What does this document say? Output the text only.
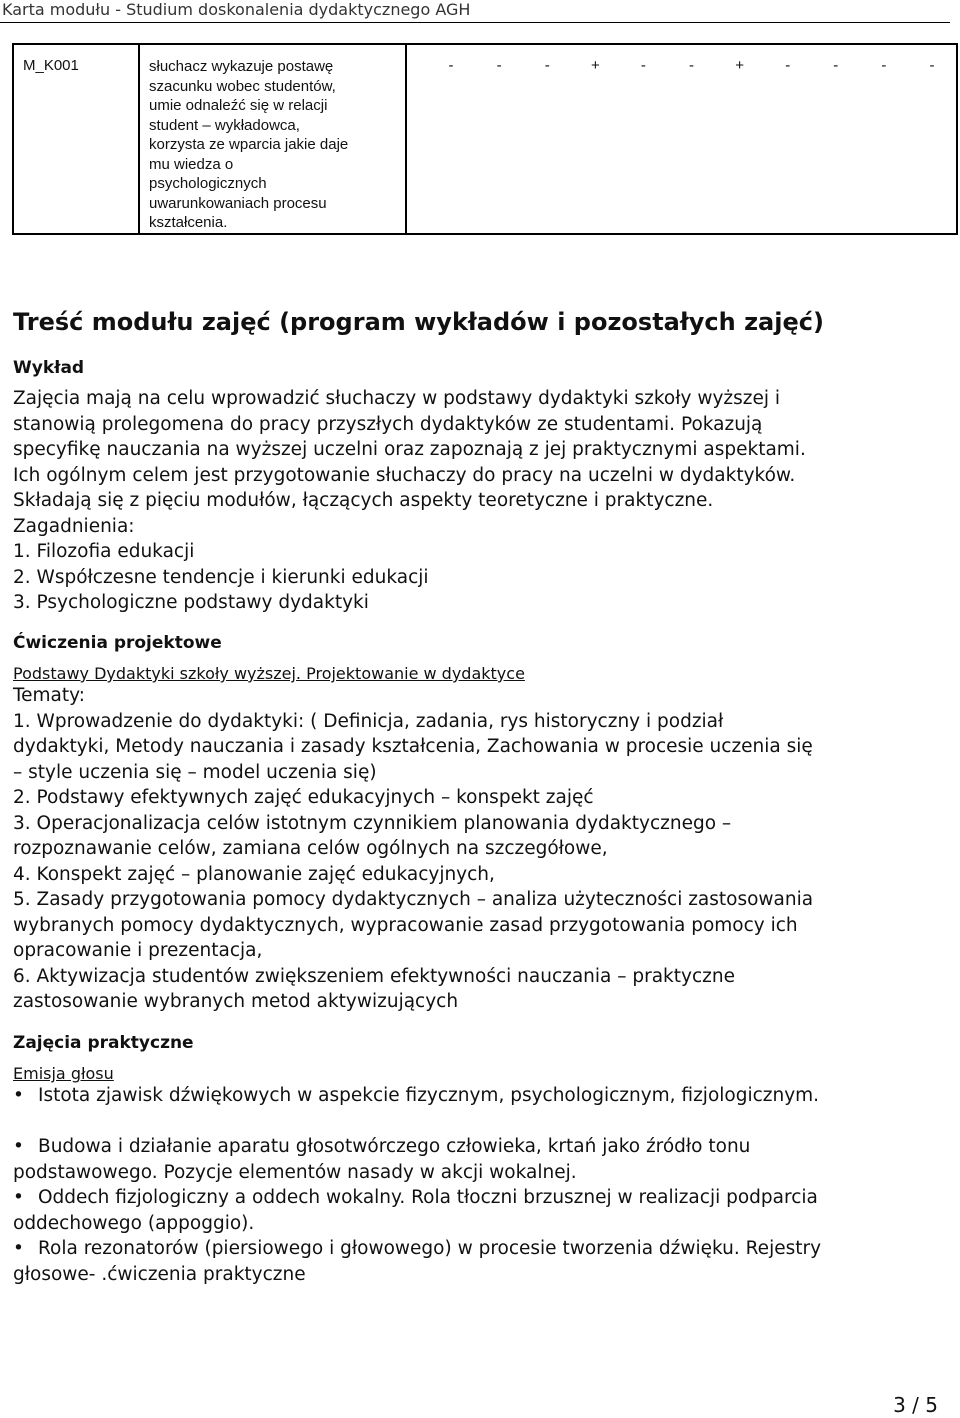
Karta modułu - Studium doskonalenia dydaktycznego AGH
M_K001	słuchacz wykazuje postawę
szacunku wobec studentów,
umie odnaleźć się w relacji
student – wykładowca,
korzysta ze wparcia jakie daje
mu wiedza o
psychologicznych
uwarunkowaniach procesu
kształcenia.

-	-	-	+	-	-	+	-	-	-	-
Treść modułu zajęć (program wykładów i pozostałych zajęć)
Wykład
Zajęcia mają na celu wprowadzić słuchaczy w podstawy dydaktyki szkoły wyższej i
stanowią prolegomena do pracy przyszłych dydaktyków ze studentami. Pokazują
specyfikę nauczania na wyższej uczelni oraz zapoznają z jej praktycznymi aspektami.
Ich ogólnym celem jest przygotowanie słuchaczy do pracy na uczelni w dydaktyków.
Składają się z pięciu modułów, łączących aspekty teoretyczne i praktyczne.
Zagadnienia:
1. Filozofia edukacji
2. Współczesne tendencje i kierunki edukacji
3. Psychologiczne podstawy dydaktyki
Ćwiczenia projektowe
Podstawy Dydaktyki szkoły wyższej. Projektowanie w dydaktyce
Tematy:
1. Wprowadzenie do dydaktyki: ( Definicja, zadania, rys historyczny i podział
dydaktyki, Metody nauczania i zasady kształcenia, Zachowania w procesie uczenia się
– style uczenia się – model uczenia się)
2. Podstawy efektywnych zajęć edukacyjnych – konspekt zajęć
3. Operacjonalizacja celów istotnym czynnikiem planowania dydaktycznego –
rozpoznawanie celów, zamiana celów ogólnych na szczegółowe,
4. Konspekt zajęć – planowanie zajęć edukacyjnych,
5. Zasady przygotowania pomocy dydaktycznych – analiza użyteczności zastosowania
wybranych pomocy dydaktycznych, wypracowanie zasad przygotowania pomocy ich
opracowanie i prezentacja,
6. Aktywizacja studentów zwiększeniem efektywności nauczania – praktyczne
zastosowanie wybranych metod aktywizujących
Zajęcia praktyczne
Emisja głosu
• Istota zjawisk dźwiękowych w aspekcie fizycznym, psychologicznym, fizjologicznym.
• Budowa i działanie aparatu głosotwórczego człowieka, krtań jako źródło tonu
podstawowego. Pozycje elementów nasady w akcji wokalnej.
• Oddech fizjologiczny a oddech wokalny. Rola tłoczni brzusznej w realizacji podparcia
oddechowego (appoggio).
• Rola rezonatorów (piersiowego i głowowego) w procesie tworzenia dźwięku. Rejestry
głosowe- .ćwiczenia praktyczne
3 / 5
